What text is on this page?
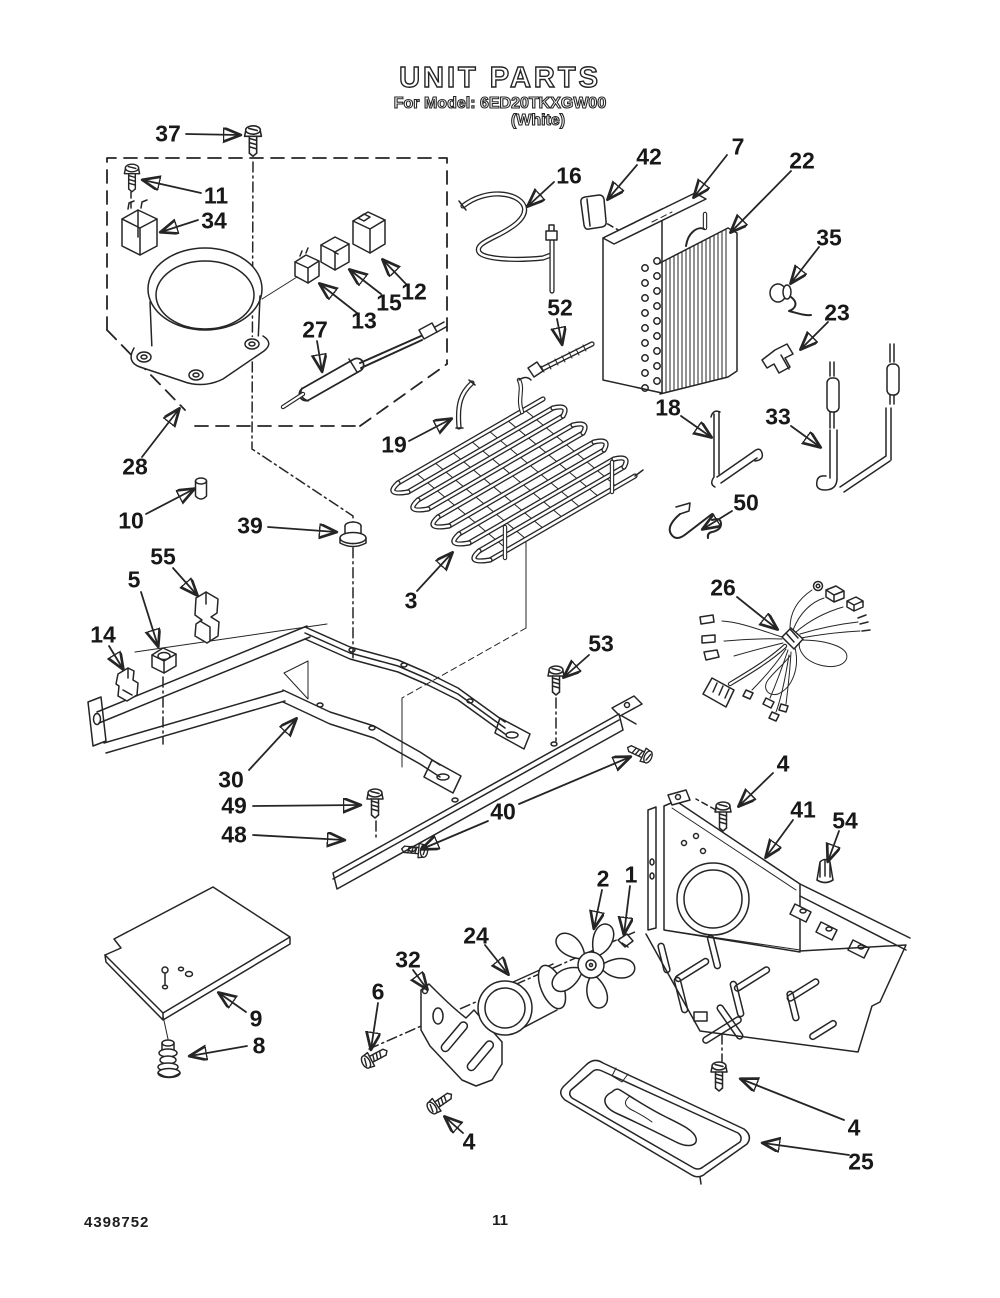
UNIT PARTS
For Model: 6ED20TKXGW00
(White)
37
11
34
12
15
13
27
28
16
42	7
22
35
23
52
18	33
19
10	39
50
3
55
5
14
26
53
30
49
48
40
4
41 54
1
2
24
32
6
9
8
4
4
25
4398752	11
